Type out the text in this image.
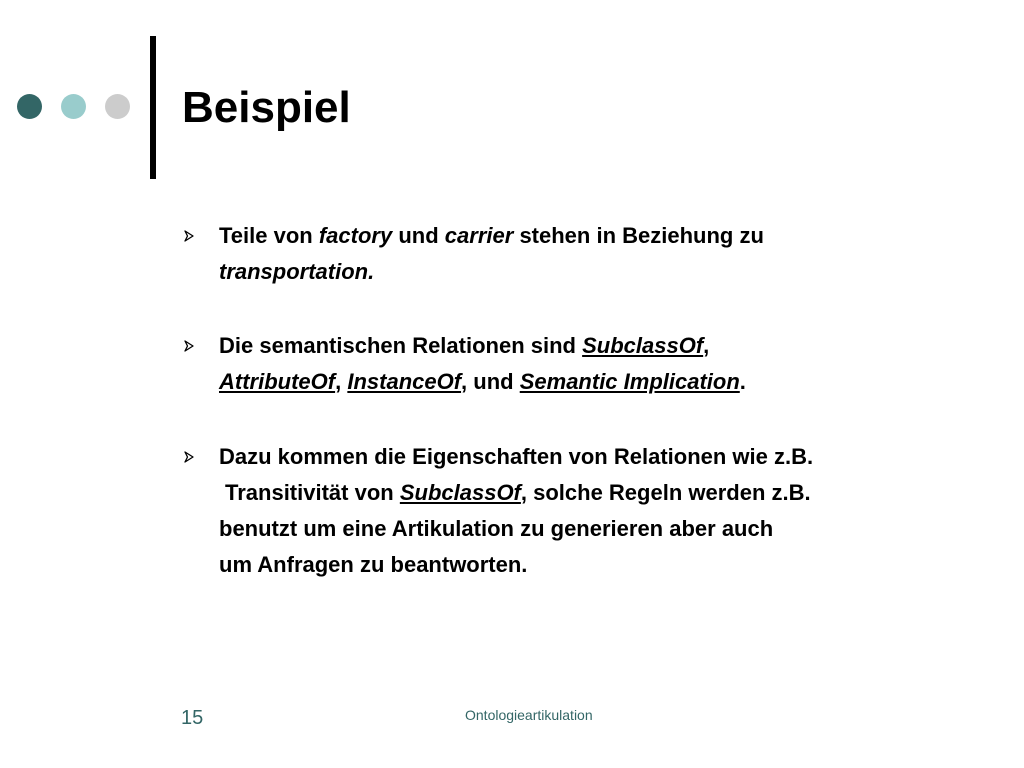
Beispiel
Teile von factory und carrier stehen in Beziehung zu
transportation.
Die semantischen Relationen sind SubclassOf,
AttributeOf, InstanceOf, und Semantic Implication.
Dazu kommen die Eigenschaften von Relationen wie z.B.
Transitivität von SubclassOf, solche Regeln werden z.B.
benutzt um eine Artikulation zu generieren aber auch
um Anfragen zu beantworten.
15	Ontologieartikulation
